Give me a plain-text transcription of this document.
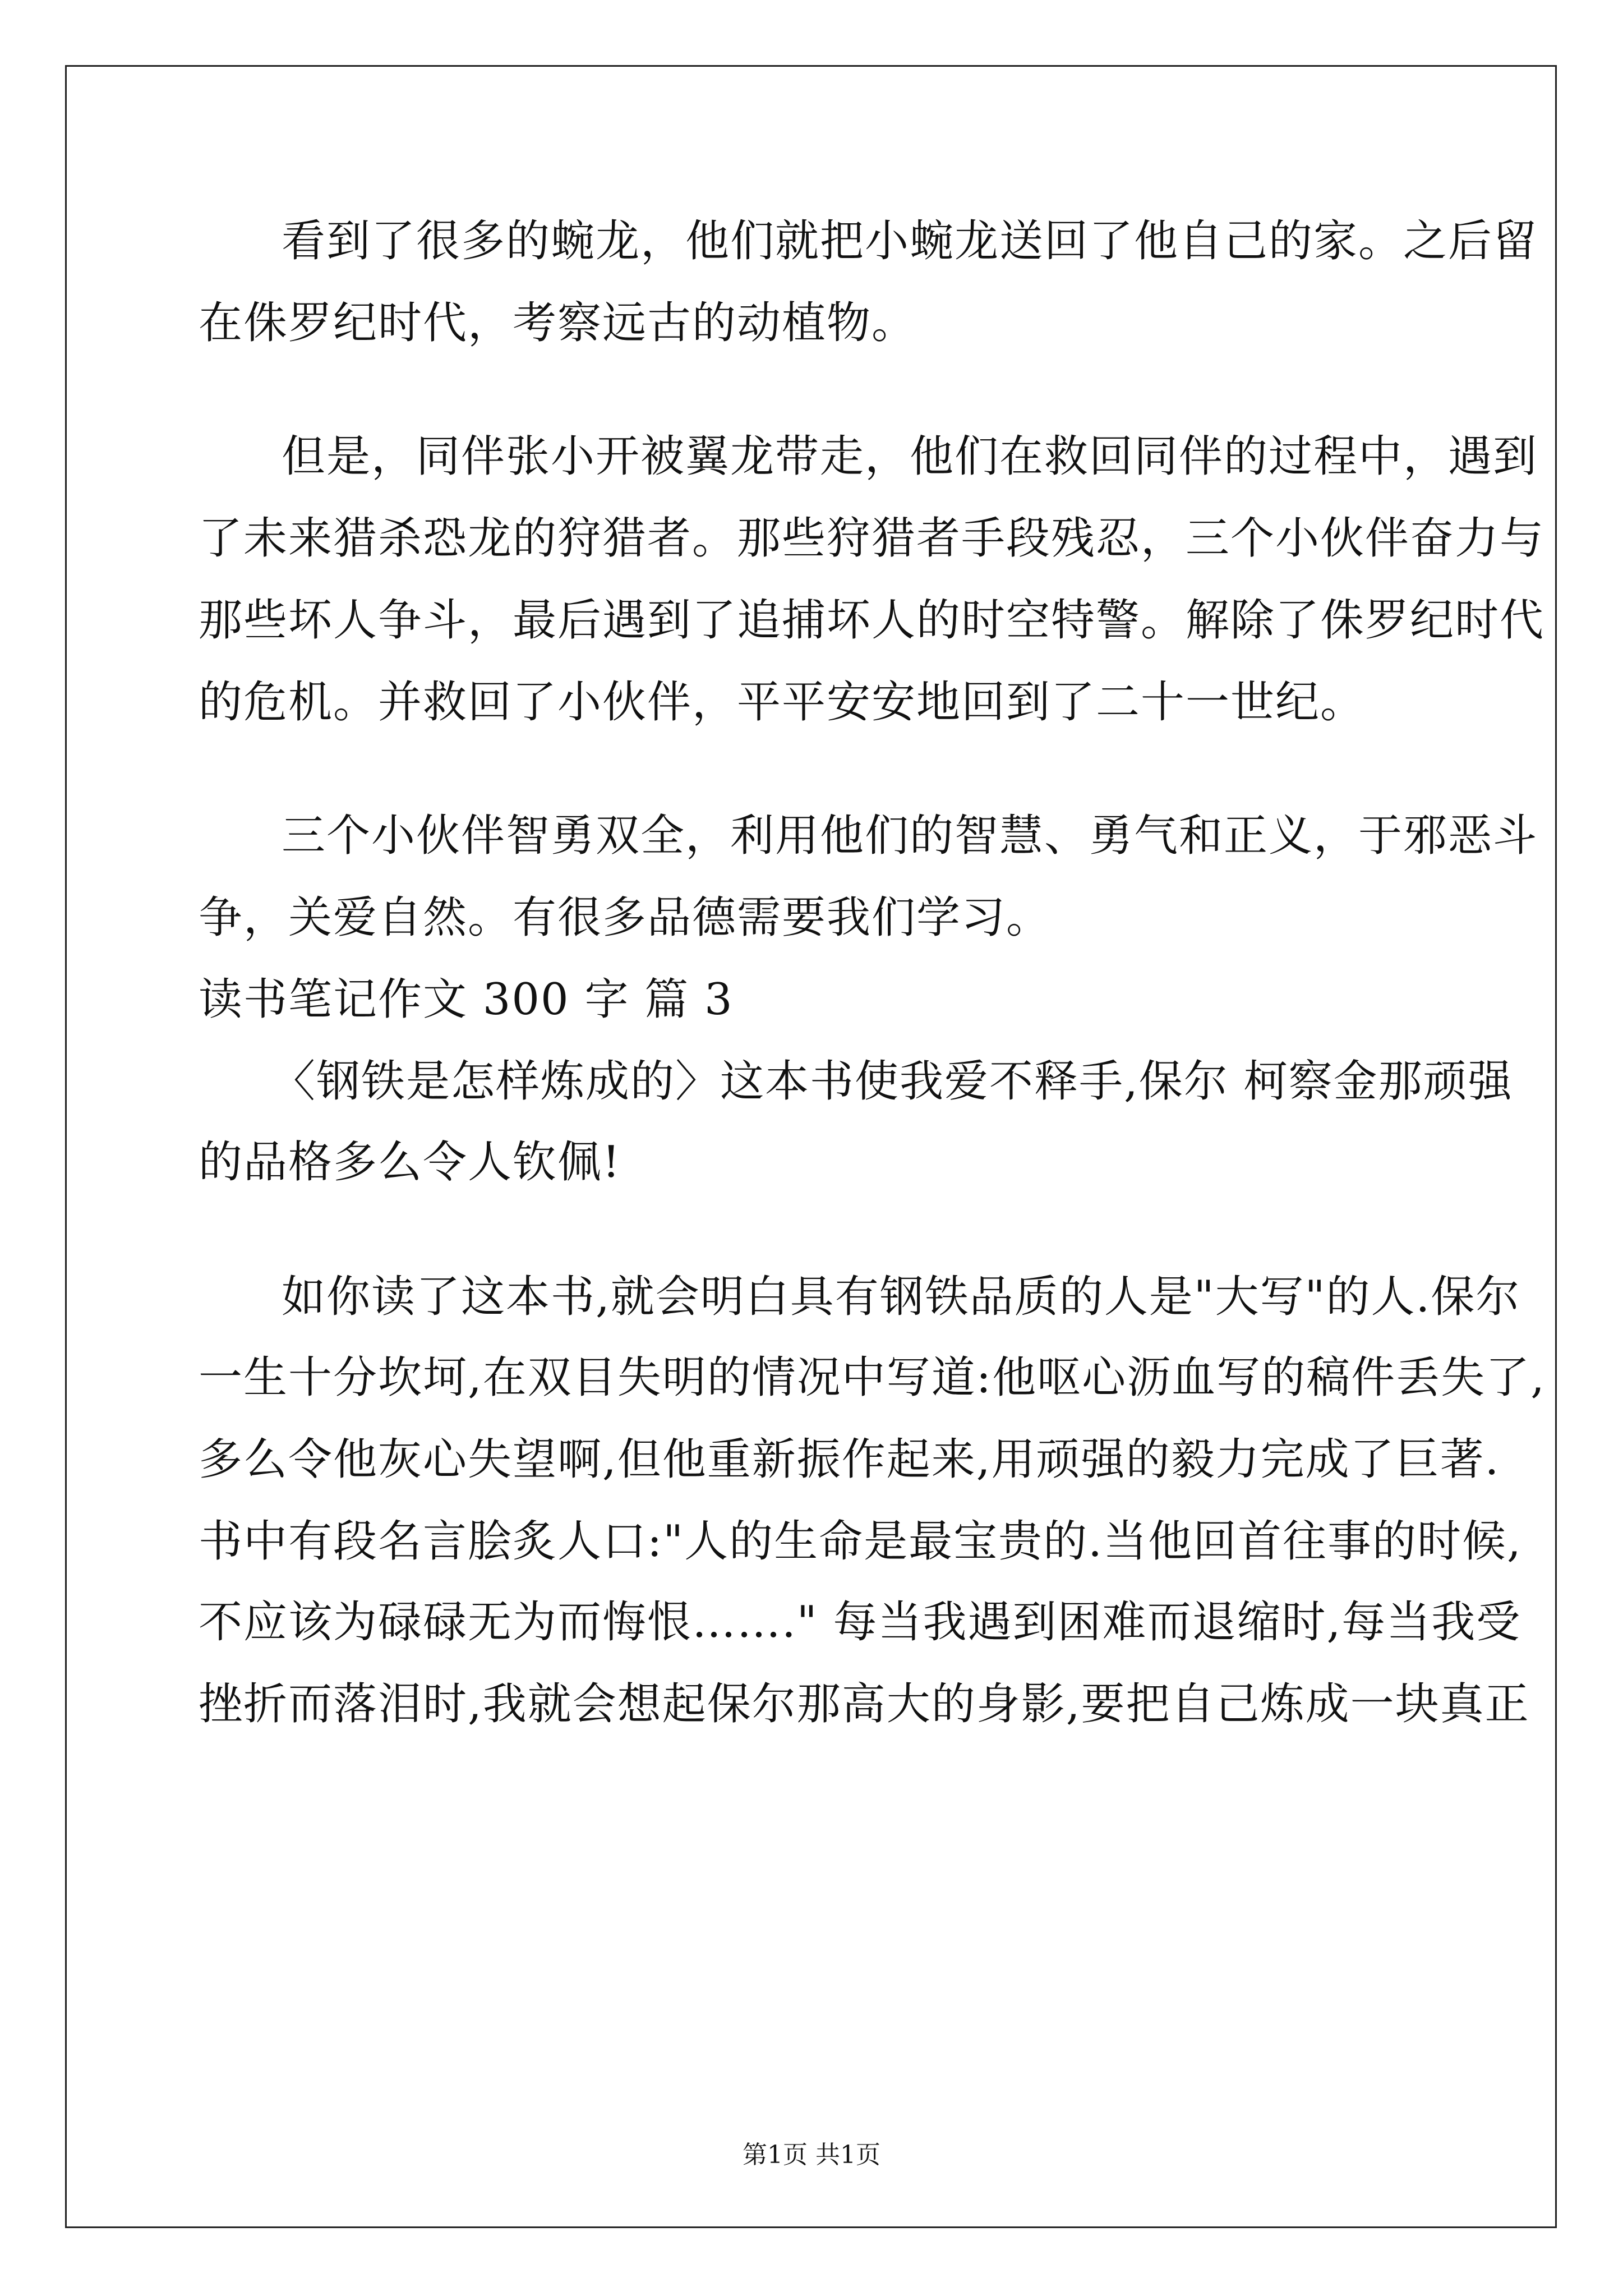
看到了很多的蜿龙，他们就把小蜿龙送回了他自己的家。之后留
在侏罗纪时代，考察远古的动植物。
但是，同伴张小开被翼龙带走，他们在救回同伴的过程中，遇到
了未来猎杀恐龙的狩猎者。那些狩猎者手段残忍，三个小伙伴奋力与
那些坏人争斗，最后遇到了追捕坏人的时空特警。解除了侏罗纪时代
的危机。并救回了小伙伴，平平安安地回到了二十一世纪。
三个小伙伴智勇双全，利用他们的智慧、勇气和正义，于邪恶斗
争，关爱自然。有很多品德需要我们学习。
读书笔记作文 300 字 篇 3
〈钢铁是怎样炼成的〉这本书使我爱不释手,保尔 柯察金那顽强
的品格多么令人钦佩!
如你读了这本书,就会明白具有钢铁品质的人是"大写"的人.保尔
一生十分坎坷,在双目失明的情况中写道:他呕心沥血写的稿件丢失了,
多么令他灰心失望啊,但他重新振作起来,用顽强的毅力完成了巨著.
书中有段名言脍炙人口:"人的生命是最宝贵的.当他回首往事的时候,
不应该为碌碌无为而悔恨……." 每当我遇到困难而退缩时,每当我受
挫折而落泪时,我就会想起保尔那高大的身影,要把自己炼成一块真正
第1页 共1页
